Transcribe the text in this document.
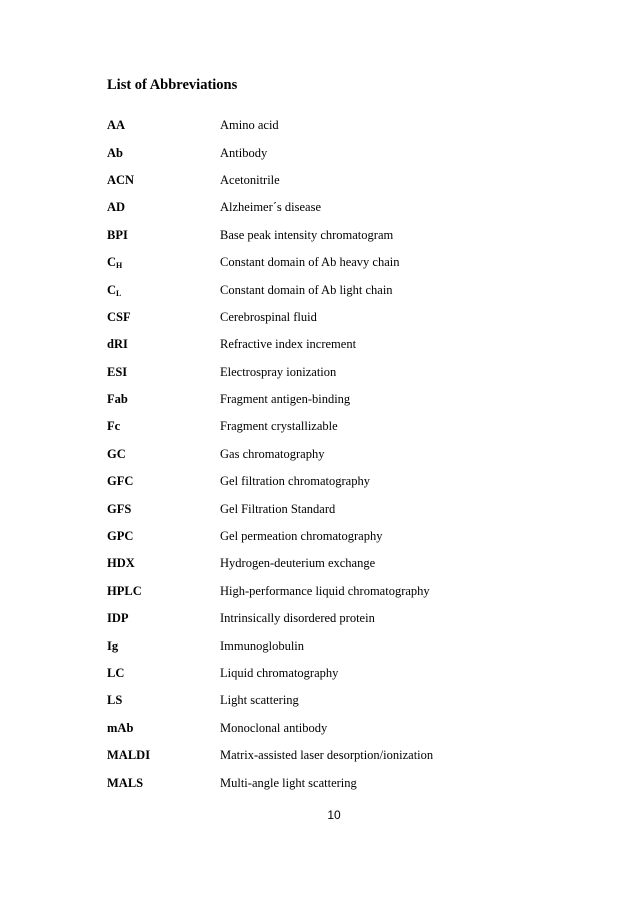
List of Abbreviations
AA	Amino acid
Ab	Antibody
ACN	Acetonitrile
AD	Alzheimer´s disease
BPI	Base peak intensity chromatogram
$C_H$	Constant domain of Ab heavy chain
$C_L$	Constant domain of Ab light chain
CSF	Cerebrospinal fluid
dRI	Refractive index increment
ESI	Electrospray ionization
Fab	Fragment antigen-binding
Fc	Fragment crystallizable
GC	Gas chromatography
GFC	Gel filtration chromatography
GFS	Gel Filtration Standard
GPC	Gel permeation chromatography
HDX	Hydrogen-deuterium exchange
HPLC	High-performance liquid chromatography
IDP	Intrinsically disordered protein
Ig	Immunoglobulin
LC	Liquid chromatography
LS	Light scattering
mAb	Monoclonal antibody
MALDI	Matrix-assisted laser desorption/ionization
MALS	Multi-angle light scattering
10
